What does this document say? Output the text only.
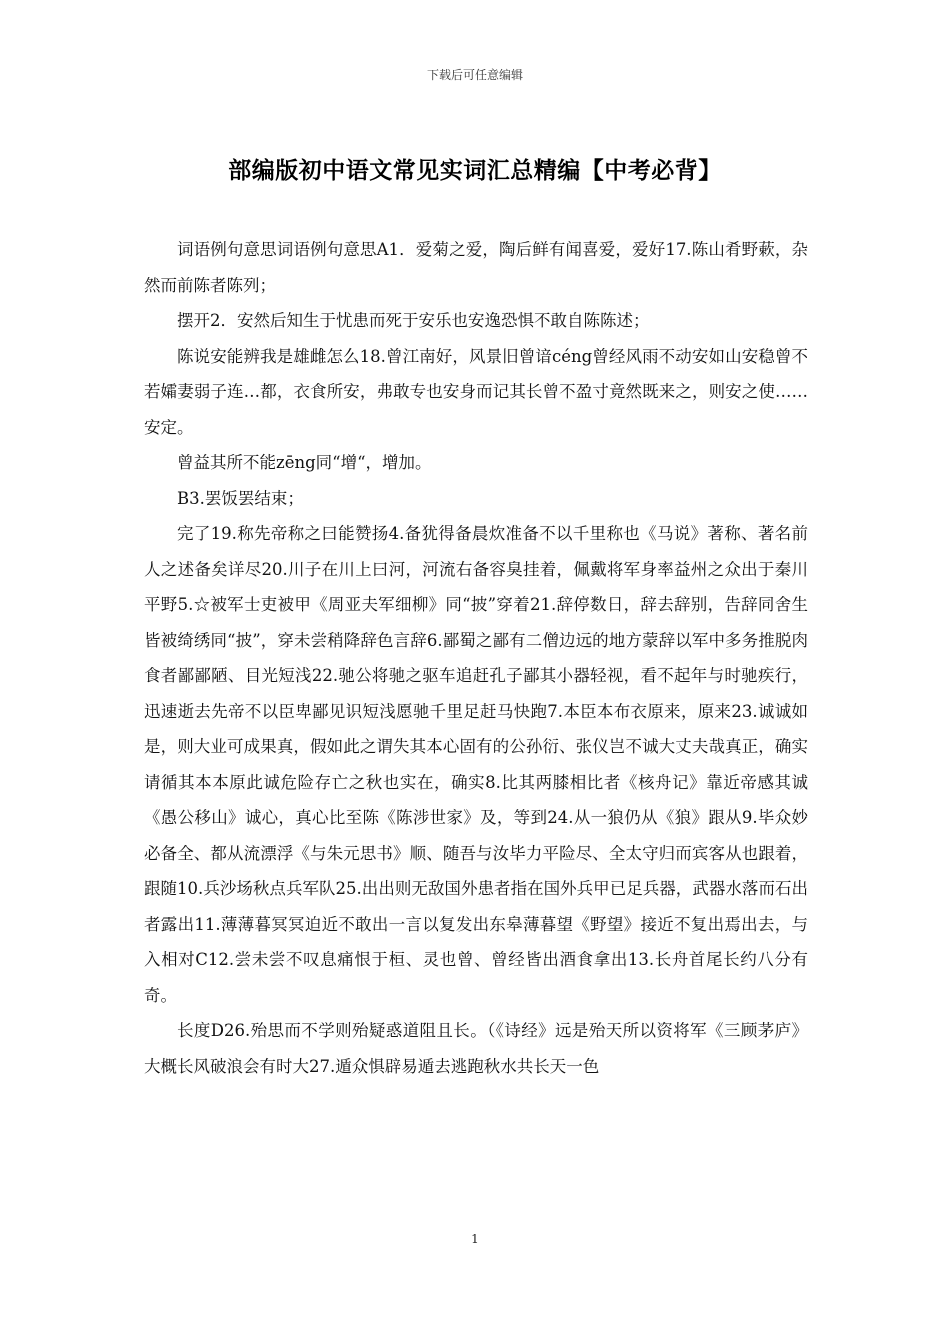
下载后可任意编辑
部编版初中语文常见实词汇总精编【中考必背】

词语例句意思词语例句意思A1．爱菊之爱，陶后鲜有闻喜爱，爱好17.陈山肴野蔌，杂然而前陈者陈列；

摆开2．安然后知生于忧患而死于安乐也安逸恐惧不敢自陈陈述；

陈说安能辨我是雄雌怎么18.曾江南好，风景旧曾谙céng曾经风雨不动安如山安稳曾不若孀妻弱子连…都，衣食所安，弗敢专也安身而记其长曾不盈寸竟然既来之，则安之使……安定。

曾益其所不能zēng同“增“，增加。

B3.罢饭罢结束；

完了19.称先帝称之曰能赞扬4.备犹得备晨炊准备不以千里称也《马说》著称、著名前人之述备矣详尽20.川子在川上曰河，河流右备容臭挂着，佩戴将军身率益州之众出于秦川平野5.☆被军士吏被甲《周亚夫军细柳》同“披”穿着21.辞停数日，辞去辞别，告辞同舍生皆被绮绣同“披”，穿未尝稍降辞色言辞6.鄙蜀之鄙有二僧边远的地方蒙辞以军中多务推脱肉食者鄙鄙陋、目光短浅22.驰公将驰之驱车追赶孔子鄙其小器轻视，看不起年与时驰疾行，迅速逝去先帝不以臣卑鄙见识短浅愿驰千里足赶马快跑7.本臣本布衣原来，原来23.诚诚如是，则大业可成果真，假如此之谓失其本心固有的公孙衍、张仪岂不诚大丈夫哉真正，确实请循其本本原此诚危险存亡之秋也实在，确实8.比其两膝相比者《核舟记》靠近帝感其诚《愚公移山》诚心，真心比至陈《陈涉世家》及，等到24.从一狼仍从《狼》跟从9.毕众妙必备全、都从流漂浮《与朱元思书》顺、随吾与汝毕力平险尽、全太守归而宾客从也跟着，跟随10.兵沙场秋点兵军队25.出出则无敌国外患者指在国外兵甲已足兵器，武器水落而石出者露出11.薄薄暮冥冥迫近不敢出一言以复发出东皋薄暮望《野望》接近不复出焉出去，与入相对C12.尝未尝不叹息痛恨于桓、灵也曾、曾经皆出酒食拿出13.长舟首尾长约八分有奇。

长度D26.殆思而不学则殆疑惑道阻且长。（《诗经》远是殆天所以资将军《三顾茅庐》大概长风破浪会有时大27.遁众惧辟易遁去逃跑秋水共长天一色

1
